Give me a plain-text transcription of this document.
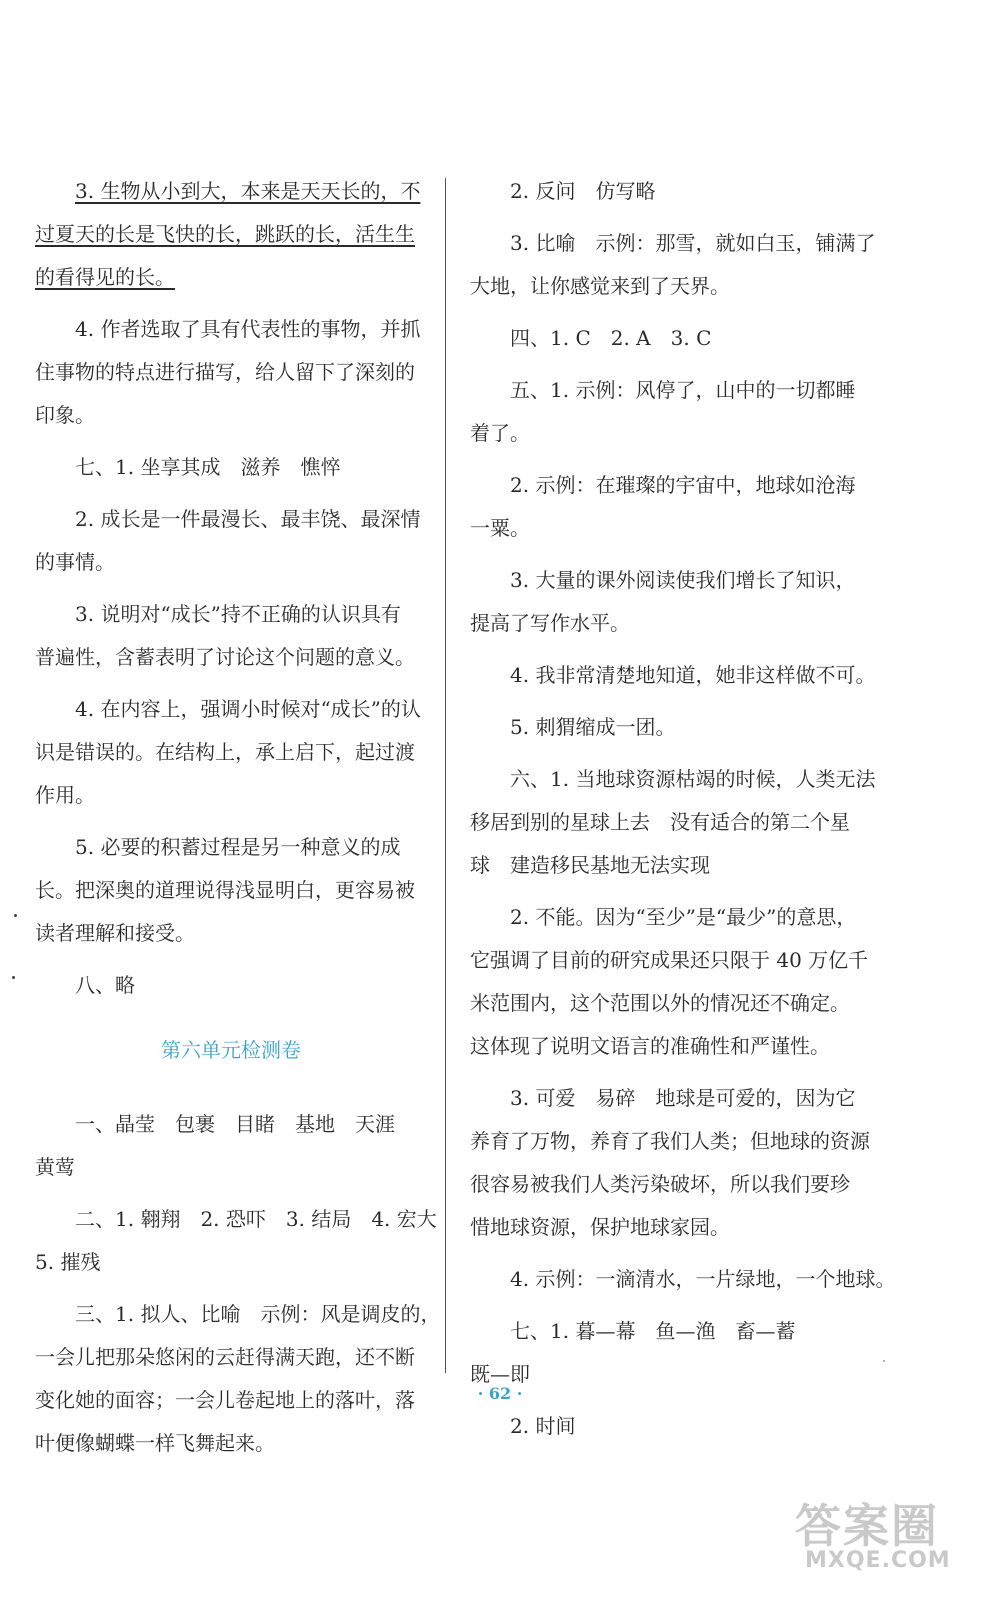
3. 生物从小到大，本来是天天长的，不
过夏天的长是飞快的长，跳跃的长，活生生
的看得见的长。
4. 作者选取了具有代表性的事物，并抓
住事物的特点进行描写，给人留下了深刻的
印象。
七、1. 坐享其成　滋养　憔悴
2. 成长是一件最漫长、最丰饶、最深情
的事情。
3. 说明对“成长”持不正确的认识具有
普遍性，含蓄表明了讨论这个问题的意义。
4. 在内容上，强调小时候对“成长”的认
识是错误的。在结构上，承上启下，起过渡
作用。
5. 必要的积蓄过程是另一种意义的成
长。把深奥的道理说得浅显明白，更容易被
读者理解和接受。
八、略
第六单元检测卷
一、晶莹　包裹　目睹　基地　天涯
黄莺
二、1. 翱翔　2. 恐吓　3. 结局　4. 宏大
5. 摧残
三、1. 拟人、比喻　示例：风是调皮的，
一会儿把那朵悠闲的云赶得满天跑，还不断
变化她的面容；一会儿卷起地上的落叶，落
叶便像蝴蝶一样飞舞起来。
2. 反问　仿写略
3. 比喻　示例：那雪，就如白玉，铺满了
大地，让你感觉来到了天界。
四、1. C　2. A　3. C
五、1. 示例：风停了，山中的一切都睡
着了。
2. 示例：在璀璨的宇宙中，地球如沧海
一粟。
3. 大量的课外阅读使我们增长了知识，
提高了写作水平。
4. 我非常清楚地知道，她非这样做不可。
5. 刺猬缩成一团。
六、1. 当地球资源枯竭的时候，人类无法
移居到别的星球上去　没有适合的第二个星
球　建造移民基地无法实现
2. 不能。因为“至少”是“最少”的意思，
它强调了目前的研究成果还只限于 40 万亿千
米范围内，这个范围以外的情况还不确定。
这体现了说明文语言的准确性和严谨性。
3. 可爱　易碎　地球是可爱的，因为它
养育了万物，养育了我们人类；但地球的资源
很容易被我们人类污染破坏，所以我们要珍
惜地球资源，保护地球家园。
4. 示例：一滴清水，一片绿地，一个地球。
七、1. 暮—幕　鱼—渔　畜—蓄
既—即
2. 时间
· 62 ·
答案圈
MXQE.COM
